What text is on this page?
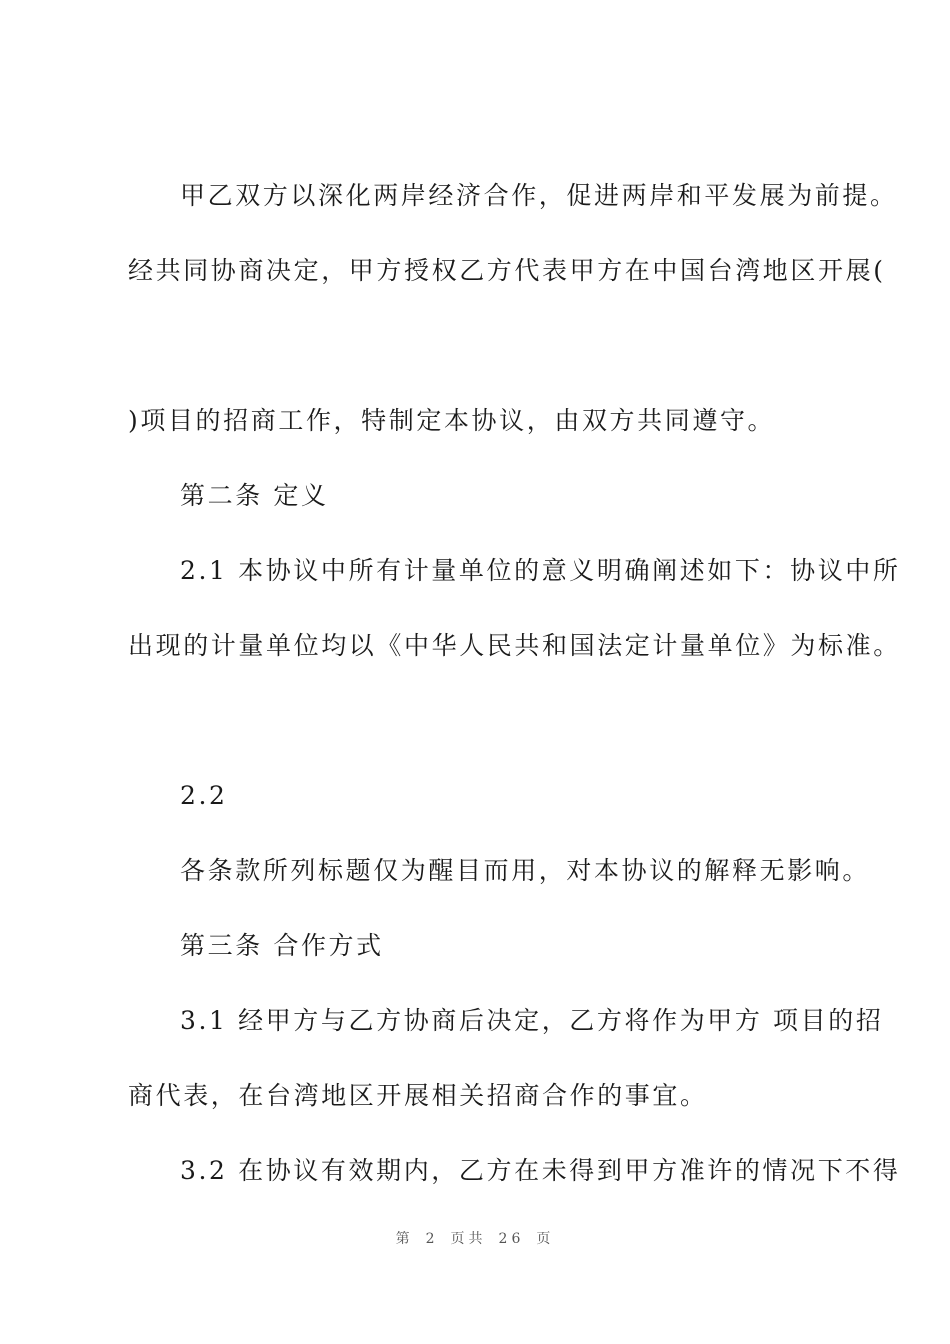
甲乙双方以深化两岸经济合作，促进两岸和平发展为前提。

经共同协商决定，甲方授权乙方代表甲方在中国台湾地区开展(

)项目的招商工作，特制定本协议，由双方共同遵守。

第二条 定义

2.1 本协议中所有计量单位的意义明确阐述如下：协议中所

出现的计量单位均以《中华人民共和国法定计量单位》为标准。

2.2

各条款所列标题仅为醒目而用，对本协议的解释无影响。

第三条 合作方式

3.1 经甲方与乙方协商后决定，乙方将作为甲方 项目的招

商代表，在台湾地区开展相关招商合作的事宜。

3.2 在协议有效期内，乙方在未得到甲方准许的情况下不得

第 2 页共 26 页
